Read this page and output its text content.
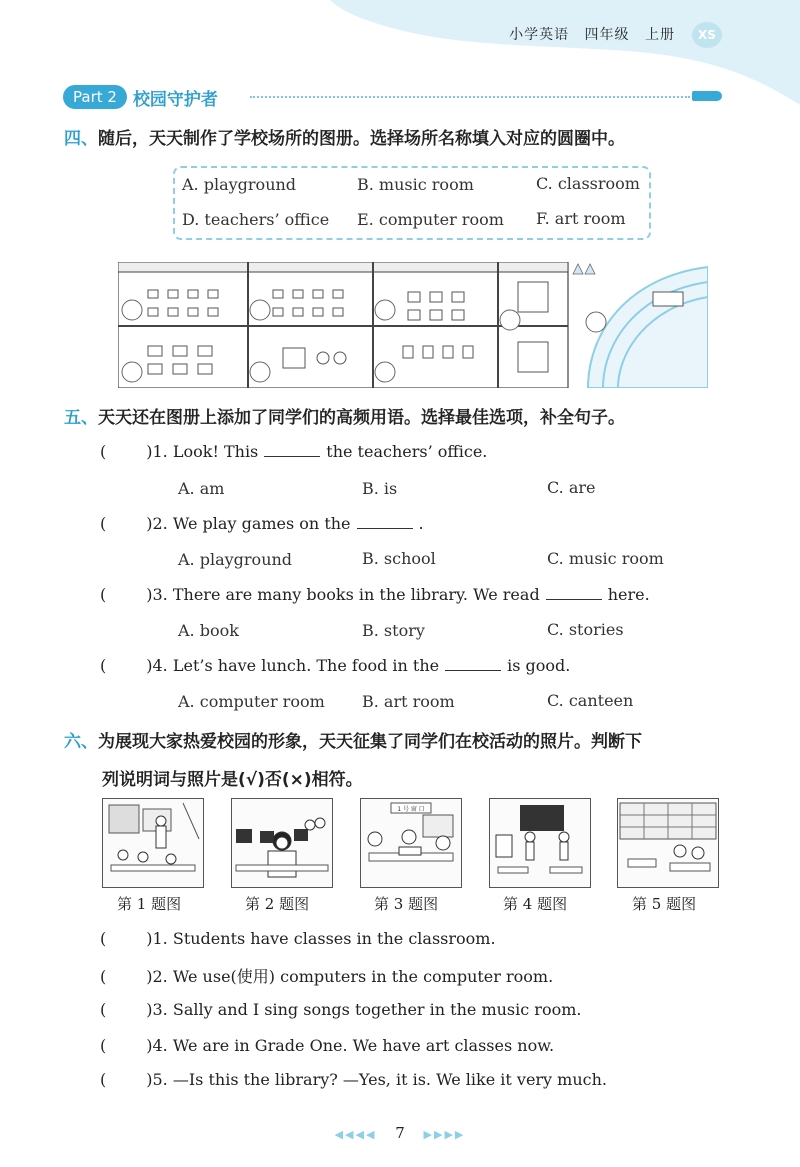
小学英语 四年级 上册	XS
Part 2 校园守护者
四、随后，天天制作了学校场所的图册。选择场所名称填入对应的圆圈中。
A. playground	B. music room	C. classroom
D. teachers’ office E. computer room F. art room
五、天天还在图册上添加了同学们的高频用语。选择最佳选项，补全句子。
(	)1. Look! This	the teachers’ office.
A. am	B. is	C. are
(	)2. We play games on the	.
A. playground	B. school	C. music room
(	)3. There are many books in the library. We read	here.
A. book	B. story	C. stories
(	)4. Let’s have lunch. The food in the	is good.
A. computer room B. art room	C. canteen
六、为展现大家热爱校园的形象，天天征集了同学们在校活动的照片。判断下
列说明词与照片是(√)否(×)相符。
1 号 窗 口
第 1 题图	第 2 题图	第 3 题图	第 4 题图	第 5 题图
(	)1. Students have classes in the classroom.
(	)2. We use(使用) computers in the computer room.
(	)3. Sally and I sing songs together in the music room.
(	)4. We are in Grade One. We have art classes now.
(	)5. —Is this the library? —Yes, it is. We like it very much.
◀◀◀◀ 7 ▶▶▶▶
